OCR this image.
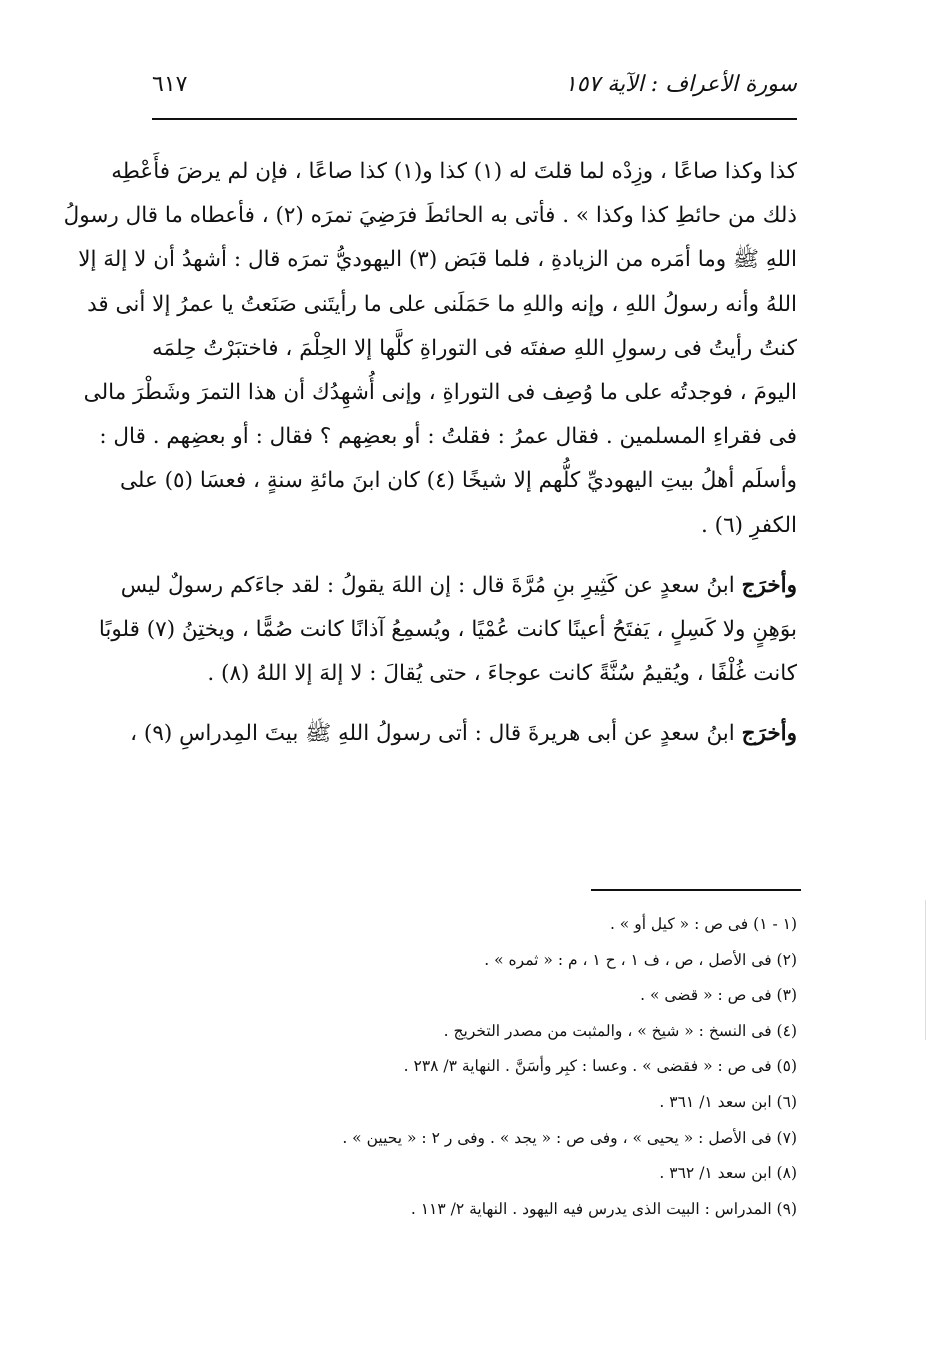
٦١٧	سورة الأعراف : الآية ١٥٧

كذا وكذا صاعًا ، وزِدْه لما قلتَ له (١) كذا و(١) كذا صاعًا ، فإن لم يرضَ فأَعْطِه
ذلك من حائطِ كذا وكذا » . فأتى به الحائطَ فرَضِيَ تمرَه (٢) ، فأعطاه ما قال رسولُ
اللهِ ﷺ وما أمَره من الزيادةِ ، فلما قبَض (٣) اليهوديُّ تمرَه قال : أشهدُ أن لا إلهَ إلا
اللهُ وأنه رسولُ اللهِ ، وإنه واللهِ ما حَمَلَنى على ما رأيتَنى صَنَعتُ يا عمرُ إلا أنى قد
كنتُ رأيتُ فى رسولِ اللهِ صفتَه فى التوراةِ كلَّها إلا الحِلْمَ ، فاختبَرْتُ حِلمَه
اليومَ ، فوجدتُه على ما وُصِف فى التوراةِ ، وإنى أُشهِدُك أن هذا التمرَ وشَطْرَ مالى
فى فقراءِ المسلمين . فقال عمرُ : فقلتُ : أو بعضِهم ؟ فقال : أو بعضِهم . قال :
وأسلَم أهلُ بيتِ اليهوديِّ كلُّهم إلا شيخًا (٤) كان ابنَ مائةِ سنةٍ ، فعسَا (٥) على
الكفرِ (٦) .

وأخرَج ابنُ سعدٍ عن كَثِيرِ بنِ مُرَّةَ قال : إن اللهَ يقولُ : لقد جاءَكم رسولٌ ليس
بوَهِنٍ ولا كَسِلٍ ، يَفتَحُ أعينًا كانت عُمْيًا ، ويُسمِعُ آذانًا كانت صُمًّا ، ويختِنُ (٧) قلوبًا
كانت غُلْفًا ، ويُقيمُ سُنَّةً كانت عوجاءَ ، حتى يُقالَ : لا إلهَ إلا اللهُ (٨) .

وأخرَج ابنُ سعدٍ عن أبى هريرةَ قال : أتى رسولُ اللهِ ﷺ بيتَ المِدراسِ (٩) ،

(١ - ١) فى ص : « كيل أو » .
(٢) فى الأصل ، ص ، ف ١ ، ح ١ ، م : « ثمره » .
(٣) فى ص : « قضى » .
(٤) فى النسخ : « شيخ » ، والمثبت من مصدر التخريج .
(٥) فى ص : « فقضى » . وعسا : كبِر وأسَنَّ . النهاية ٣/ ٢٣٨ .
(٦) ابن سعد ١/ ٣٦١ .
(٧) فى الأصل : « يحيى » ، وفى ص : « يجد » . وفى ر ٢ : « يحيين » .
(٨) ابن سعد ١/ ٣٦٢ .
(٩) المدراس : البيت الذى يدرس فيه اليهود . النهاية ٢/ ١١٣ .
